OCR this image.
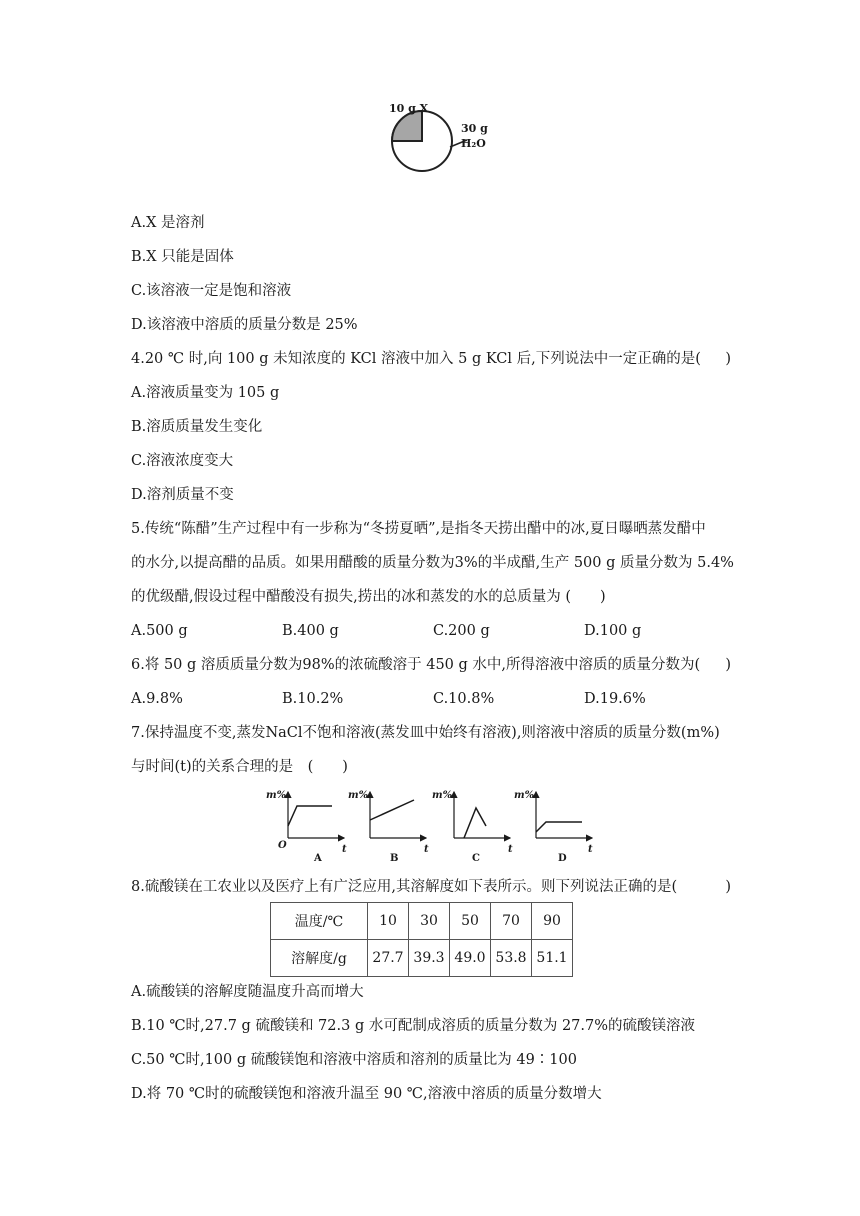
10 g X
30 g
H₂O
A.X 是溶剂
B.X 只能是固体
C.该溶液一定是饱和溶液
D.该溶液中溶质的质量分数是 25%
4.20 ℃ 时,向 100 g 未知浓度的 KCl 溶液中加入 5 g KCl 后,下列说法中一定正确的是( )
A.溶液质量变为 105 g
B.溶质质量发生变化
C.溶液浓度变大
D.溶剂质量不变
5.传统“陈醋”生产过程中有一步称为“冬捞夏晒”,是指冬天捞出醋中的冰,夏日曝晒蒸发醋中
的水分,以提高醋的品质。如果用醋酸的质量分数为3%的半成醋,生产 500 g 质量分数为 5.4%
的优级醋,假设过程中醋酸没有损失,捞出的冰和蒸发的水的总质量为 (　　)
A.500 g	B.400 g	C.200 g	D.100 g
6.将 50 g 溶质质量分数为98%的浓硫酸溶于 450 g 水中,所得溶液中溶质的质量分数为( )
A.9.8%	B.10.2%	C.10.8%	D.19.6%
7.保持温度不变,蒸发NaCl不饱和溶液(蒸发皿中始终有溶液),则溶液中溶质的质量分数(m%)
与时间(t)的关系合理的是　(　　)
m%
t
O
A
m%
t
B
m%
t
C
m%
t
D
8.硫酸镁在工农业以及医疗上有广泛应用,其溶解度如下表所示。则下列说法正确的是(	)
温度/℃	10	30	50	70	90
溶解度/g	27.7	39.3	49.0	53.8	51.1
A.硫酸镁的溶解度随温度升高而增大
B.10 ℃时,27.7 g 硫酸镁和 72.3 g 水可配制成溶质的质量分数为 27.7%的硫酸镁溶液
C.50 ℃时,100 g 硫酸镁饱和溶液中溶质和溶剂的质量比为 49∶100
D.将 70 ℃时的硫酸镁饱和溶液升温至 90 ℃,溶液中溶质的质量分数增大
